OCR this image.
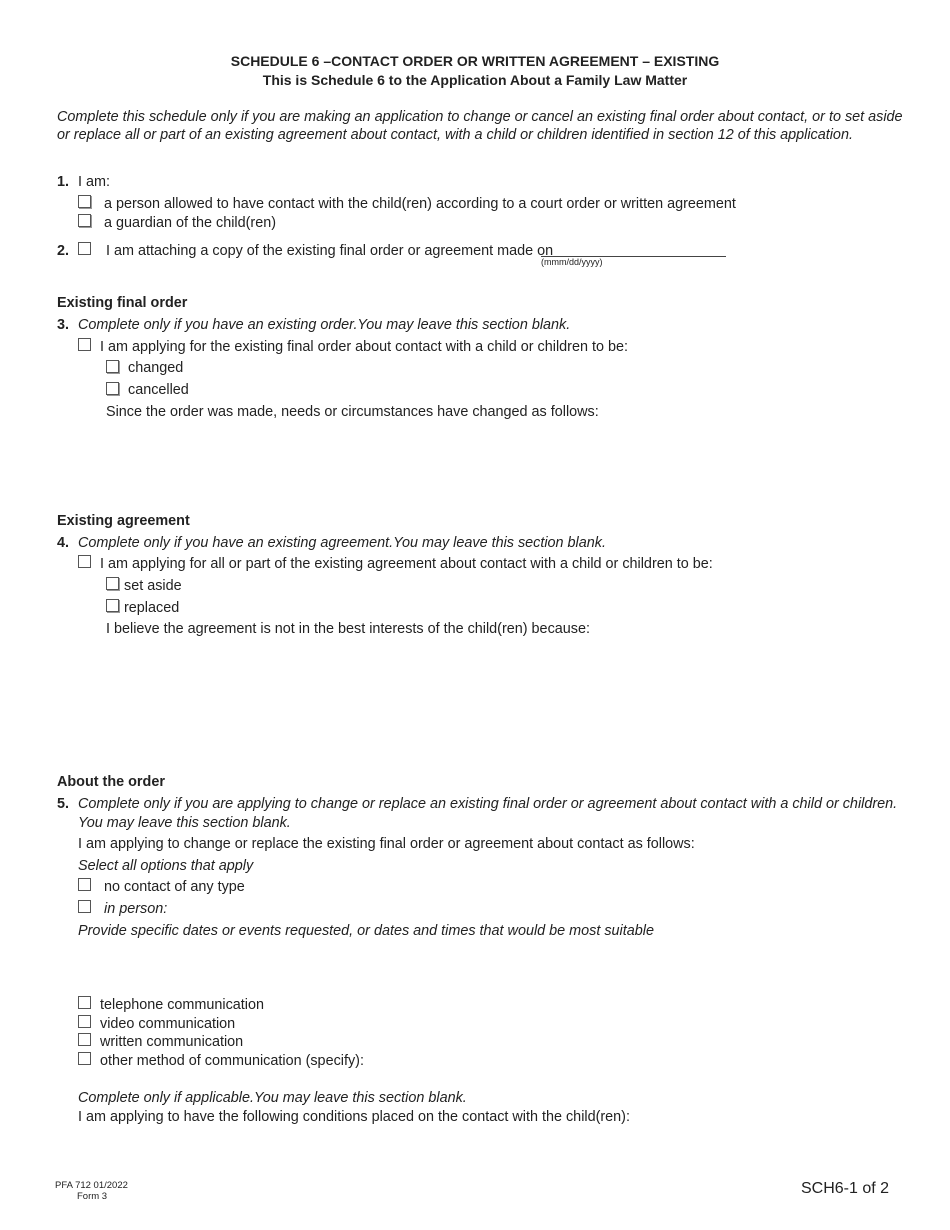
SCHEDULE 6 –CONTACT ORDER OR WRITTEN AGREEMENT – EXISTING
This is Schedule 6 to the Application About a Family Law Matter
Complete this schedule only if you are making an application to change or cancel an existing final order about contact, or to set aside
or replace all or part of an existing agreement about contact, with a child or children identified in section 12 of this application.
1. I am:
a person allowed to have contact with the child(ren) according to a court order or written agreement
a guardian of the child(ren)
2.	I am attaching a copy of the existing final order or agreement made on
(mmm/dd/yyyy)
Existing final order
3. Complete only if you have an existing order.You may leave this section blank.
I am applying for the existing final order about contact with a child or children to be:
changed
cancelled
Since the order was made, needs or circumstances have changed as follows:
Existing agreement
4. Complete only if you have an existing agreement.You may leave this section blank.
I am applying for all or part of the existing agreement about contact with a child or children to be:
set aside
replaced
I believe the agreement is not in the best interests of the child(ren) because:
About the order
5. Complete only if you are applying to change or replace an existing final order or agreement about contact with a child or children.
You may leave this section blank.
I am applying to change or replace the existing final order or agreement about contact as follows:
Select all options that apply
no contact of any type
in person:
Provide specific dates or events requested, or dates and times that would be most suitable
telephone communication
video communication
written communication
other method of communication (specify):
Complete only if applicable.You may leave this section blank.
I am applying to have the following conditions placed on the contact with the child(ren):
PFA 712 01/2022
Form 3	SCH6-1 of 2
